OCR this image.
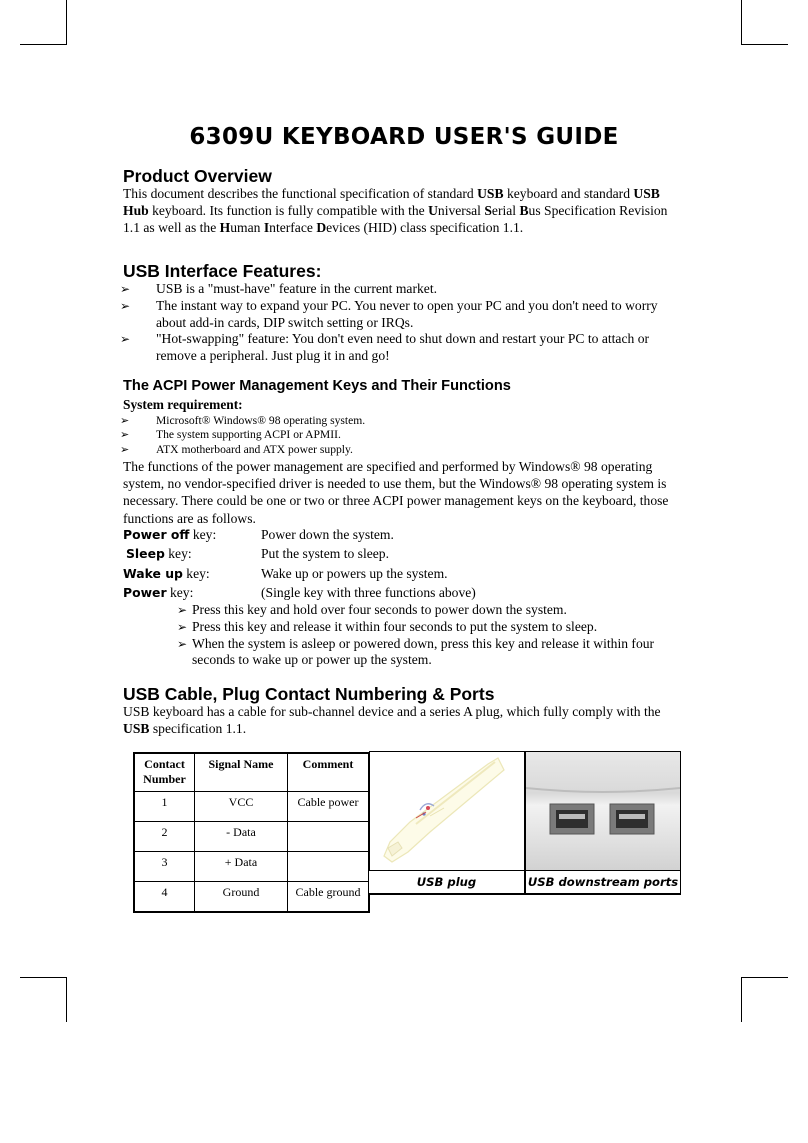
6309U KEYBOARD USER'S GUIDE
Product Overview

This document describes the functional specification of standard USB keyboard and standard USB Hub keyboard. Its function is fully compatible with the Universal Serial Bus Specification Revision 1.1 as well as the Human Interface Devices (HID) class specification 1.1.

USB Interface Features:
➢ USB is a "must-have" feature in the current market.
➢ The instant way to expand your PC. You never to open your PC and you don't need to worry about add-in cards, DIP switch setting or IRQs.
➢ "Hot-swapping" feature: You don't even need to shut down and restart your PC to attach or remove a peripheral. Just plug it in and go!
The ACPI Power Management Keys and Their Functions
System requirement:
➢ Microsoft® Windows® 98 operating system.
➢ The system supporting ACPI or APMII.
➢ ATX motherboard and ATX power supply.

The functions of the power management are specified and performed by Windows® 98 operating system, no vendor-specified driver is needed to use them, but the Windows® 98 operating system is necessary. There could be one or two or three ACPI power management keys on the keyboard, those functions are as follows.

Power off key:	Power down the system.
Sleep key:	Put the system to sleep.
Wake up key:	Wake up or powers up the system.
Power key:	(Single key with three functions above)
➢ Press this key and hold over four seconds to power down the system.
➢ Press this key and release it within four seconds to put the system to sleep.
➢ When the system is asleep or powered down, press this key and release it within four seconds to wake up or power up the system.
USB Cable, Plug Contact Numbering & Ports

USB keyboard has a cable for sub-channel device and a series A plug, which fully comply with the USB specification 1.1.

Contact Number	Signal Name	Comment
1	VCC	Cable power
2	- Data	
3	+ Data	
4	Ground	Cable ground
USB plug	USB downstream ports
